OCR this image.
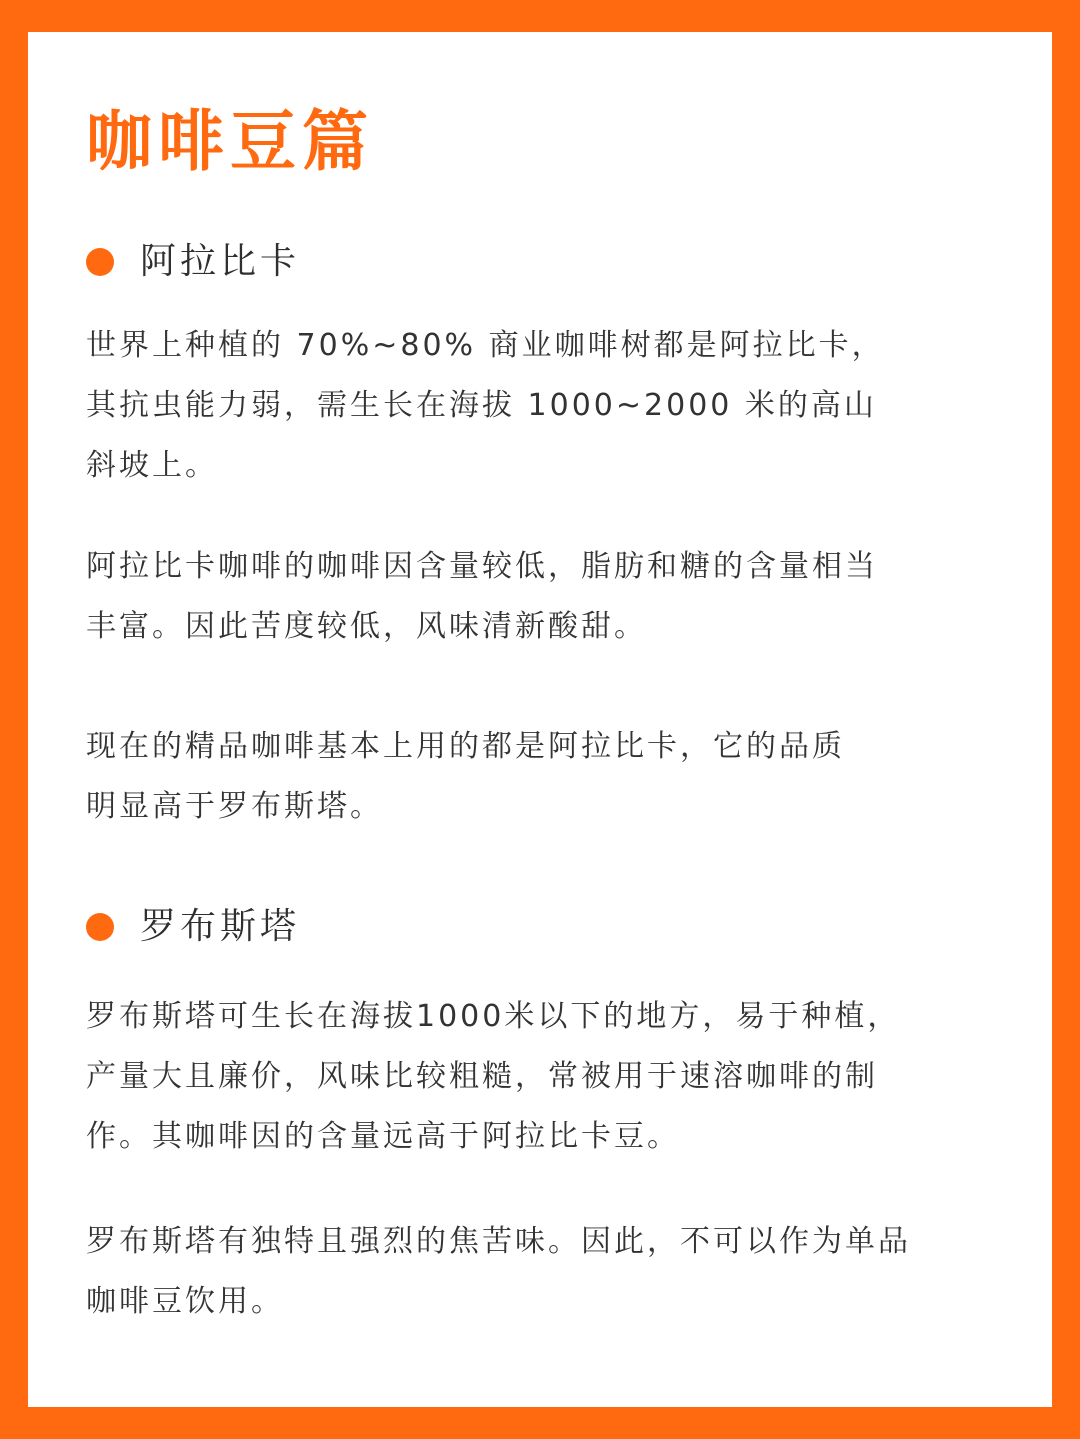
咖啡豆篇
阿拉比卡

世界上种植的 70%~80% 商业咖啡树都是阿拉比卡，
其抗虫能力弱，需生长在海拔 1000~2000 米的高山
斜坡上。

阿拉比卡咖啡的咖啡因含量较低，脂肪和糖的含量相当
丰富。因此苦度较低，风味清新酸甜。

现在的精品咖啡基本上用的都是阿拉比卡，它的品质
明显高于罗布斯塔。

罗布斯塔

罗布斯塔可生长在海拔1000米以下的地方，易于种植，
产量大且廉价，风味比较粗糙，常被用于速溶咖啡的制
作。其咖啡因的含量远高于阿拉比卡豆。

罗布斯塔有独特且强烈的焦苦味。因此，不可以作为单品
咖啡豆饮用。
